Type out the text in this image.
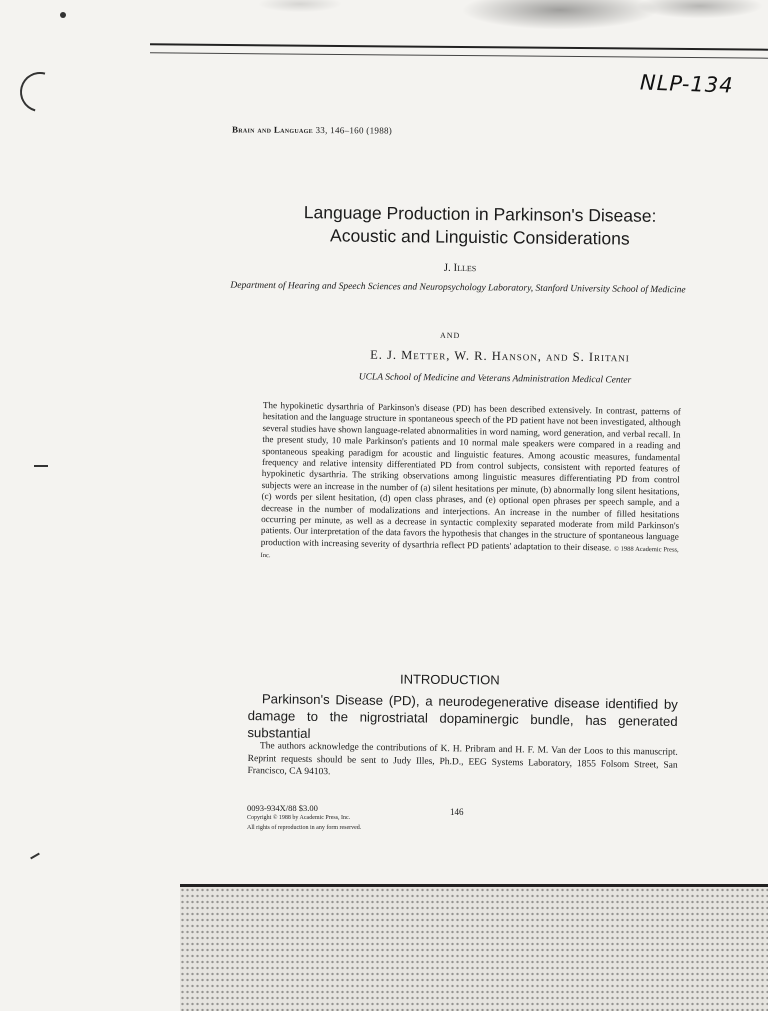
NLP-134
Brain and Language 33, 146–160 (1988)
Language Production in Parkinson's Disease: Acoustic and Linguistic Considerations
J. Illes
Department of Hearing and Speech Sciences and Neuropsychology Laboratory, Stanford University School of Medicine
AND
E. J. Metter, W. R. Hanson, and S. Iritani
UCLA School of Medicine and Veterans Administration Medical Center
The hypokinetic dysarthria of Parkinson's disease (PD) has been described extensively. In contrast, patterns of hesitation and the language structure in spontaneous speech of the PD patient have not been investigated, although several studies have shown language-related abnormalities in word naming, word generation, and verbal recall. In the present study, 10 male Parkinson's patients and 10 normal male speakers were compared in a reading and spontaneous speaking paradigm for acoustic and linguistic features. Among acoustic measures, fundamental frequency and relative intensity differentiated PD from control subjects, consistent with reported features of hypokinetic dysarthria. The striking observations among linguistic measures differentiating PD from control subjects were an increase in the number of (a) silent hesitations per minute, (b) abnormally long silent hesitations, (c) words per silent hesitation, (d) open class phrases, and (e) optional open phrases per speech sample, and a decrease in the number of modalizations and interjections. An increase in the number of filled hesitations occurring per minute, as well as a decrease in syntactic complexity separated moderate from mild Parkinson's patients. Our interpretation of the data favors the hypothesis that changes in the structure of spontaneous language production with increasing severity of dysarthria reflect PD patients' adaptation to their disease. © 1988 Academic Press, Inc.
INTRODUCTION
Parkinson's Disease (PD), a neurodegenerative disease identified by damage to the nigrostriatal dopaminergic bundle, has generated substantial
The authors acknowledge the contributions of K. H. Pribram and H. F. M. Van der Loos to this manuscript. Reprint requests should be sent to Judy Illes, Ph.D., EEG Systems Laboratory, 1855 Folsom Street, San Francisco, CA 94103.
146
0093-934X/88 $3.00
Copyright © 1988 by Academic Press, Inc.
All rights of reproduction in any form reserved.
